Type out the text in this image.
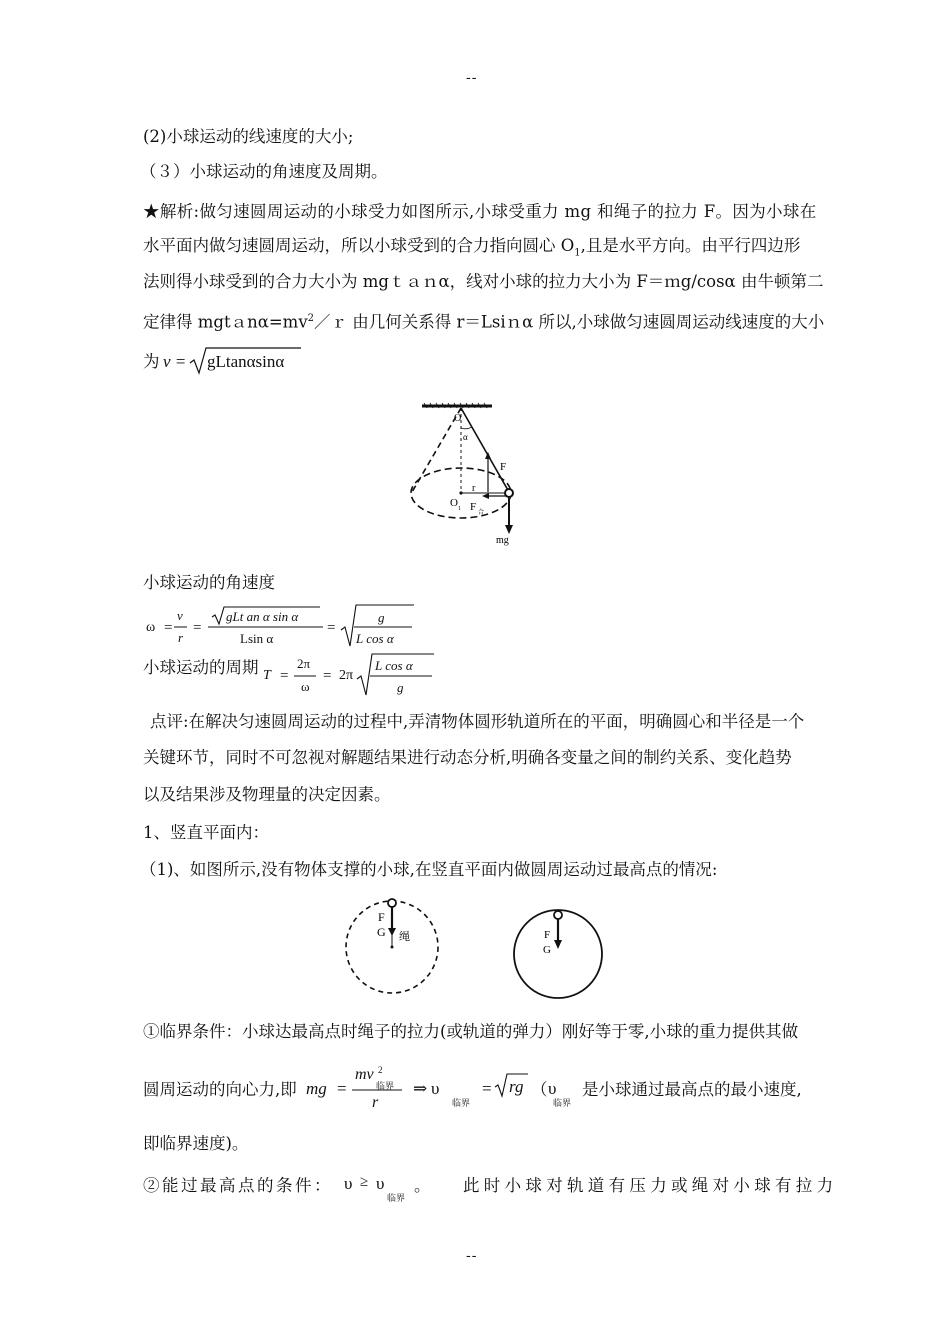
--
--
(2)小球运动的线速度的大小;
（３）小球运动的角速度及周期。
★解析:做匀速圆周运动的小球受力如图所示,小球受重力 mg 和绳子的拉力 F。因为小球在
水平面内做匀速圆周运动，所以小球受到的合力指向圆心 $O_1$,且是水平方向。由平行四边形
法则得小球受到的合力大小为 mgｔａｎα，线对小球的拉力大小为 F＝ｍg/cosα 由牛顿第二
定律得 $mgtan\alpha=mv^2/r$ 由几何关系得 r＝Lsiｎα 所以,小球做匀速圆周运动线速度的大小
为 v = gLtanαsinα
O
α
F
r
O 1 F 合
mg
小球运动的角速度
ω =
v
r
=
gLt an α sin α
Lsin α
=
g
L cos α
小球运动的周期 T =
2π
ω
= 2π
L cos α
g
点评:在解决匀速圆周运动的过程中,弄清物体圆形轨道所在的平面，明确圆心和半径是一个
关键环节，同时不可忽视对解题结果进行动态分析,明确各变量之间的制约关系、变化趋势
以及结果涉及物理量的决定因素。
1、竖直平面内：
（1)、如图所示,没有物体支撑的小球,在竖直平面内做圆周运动过最高点的情况:
F
G 绳	F
G
①临界条件：小球达最高点时绳子的拉力(或轨道的弹力）刚好等于零,小球的重力提供其做
圆周运动的向心力,即 mg =
mv 2
临界
r
⇒ υ
临界
= rg （ υ
临界
是小球通过最高点的最小速度,
即临界速度)。
②能过最高点的条件： υ ≥ υ
临界
。 此时小球对轨道有压力或绳对小球有拉力
